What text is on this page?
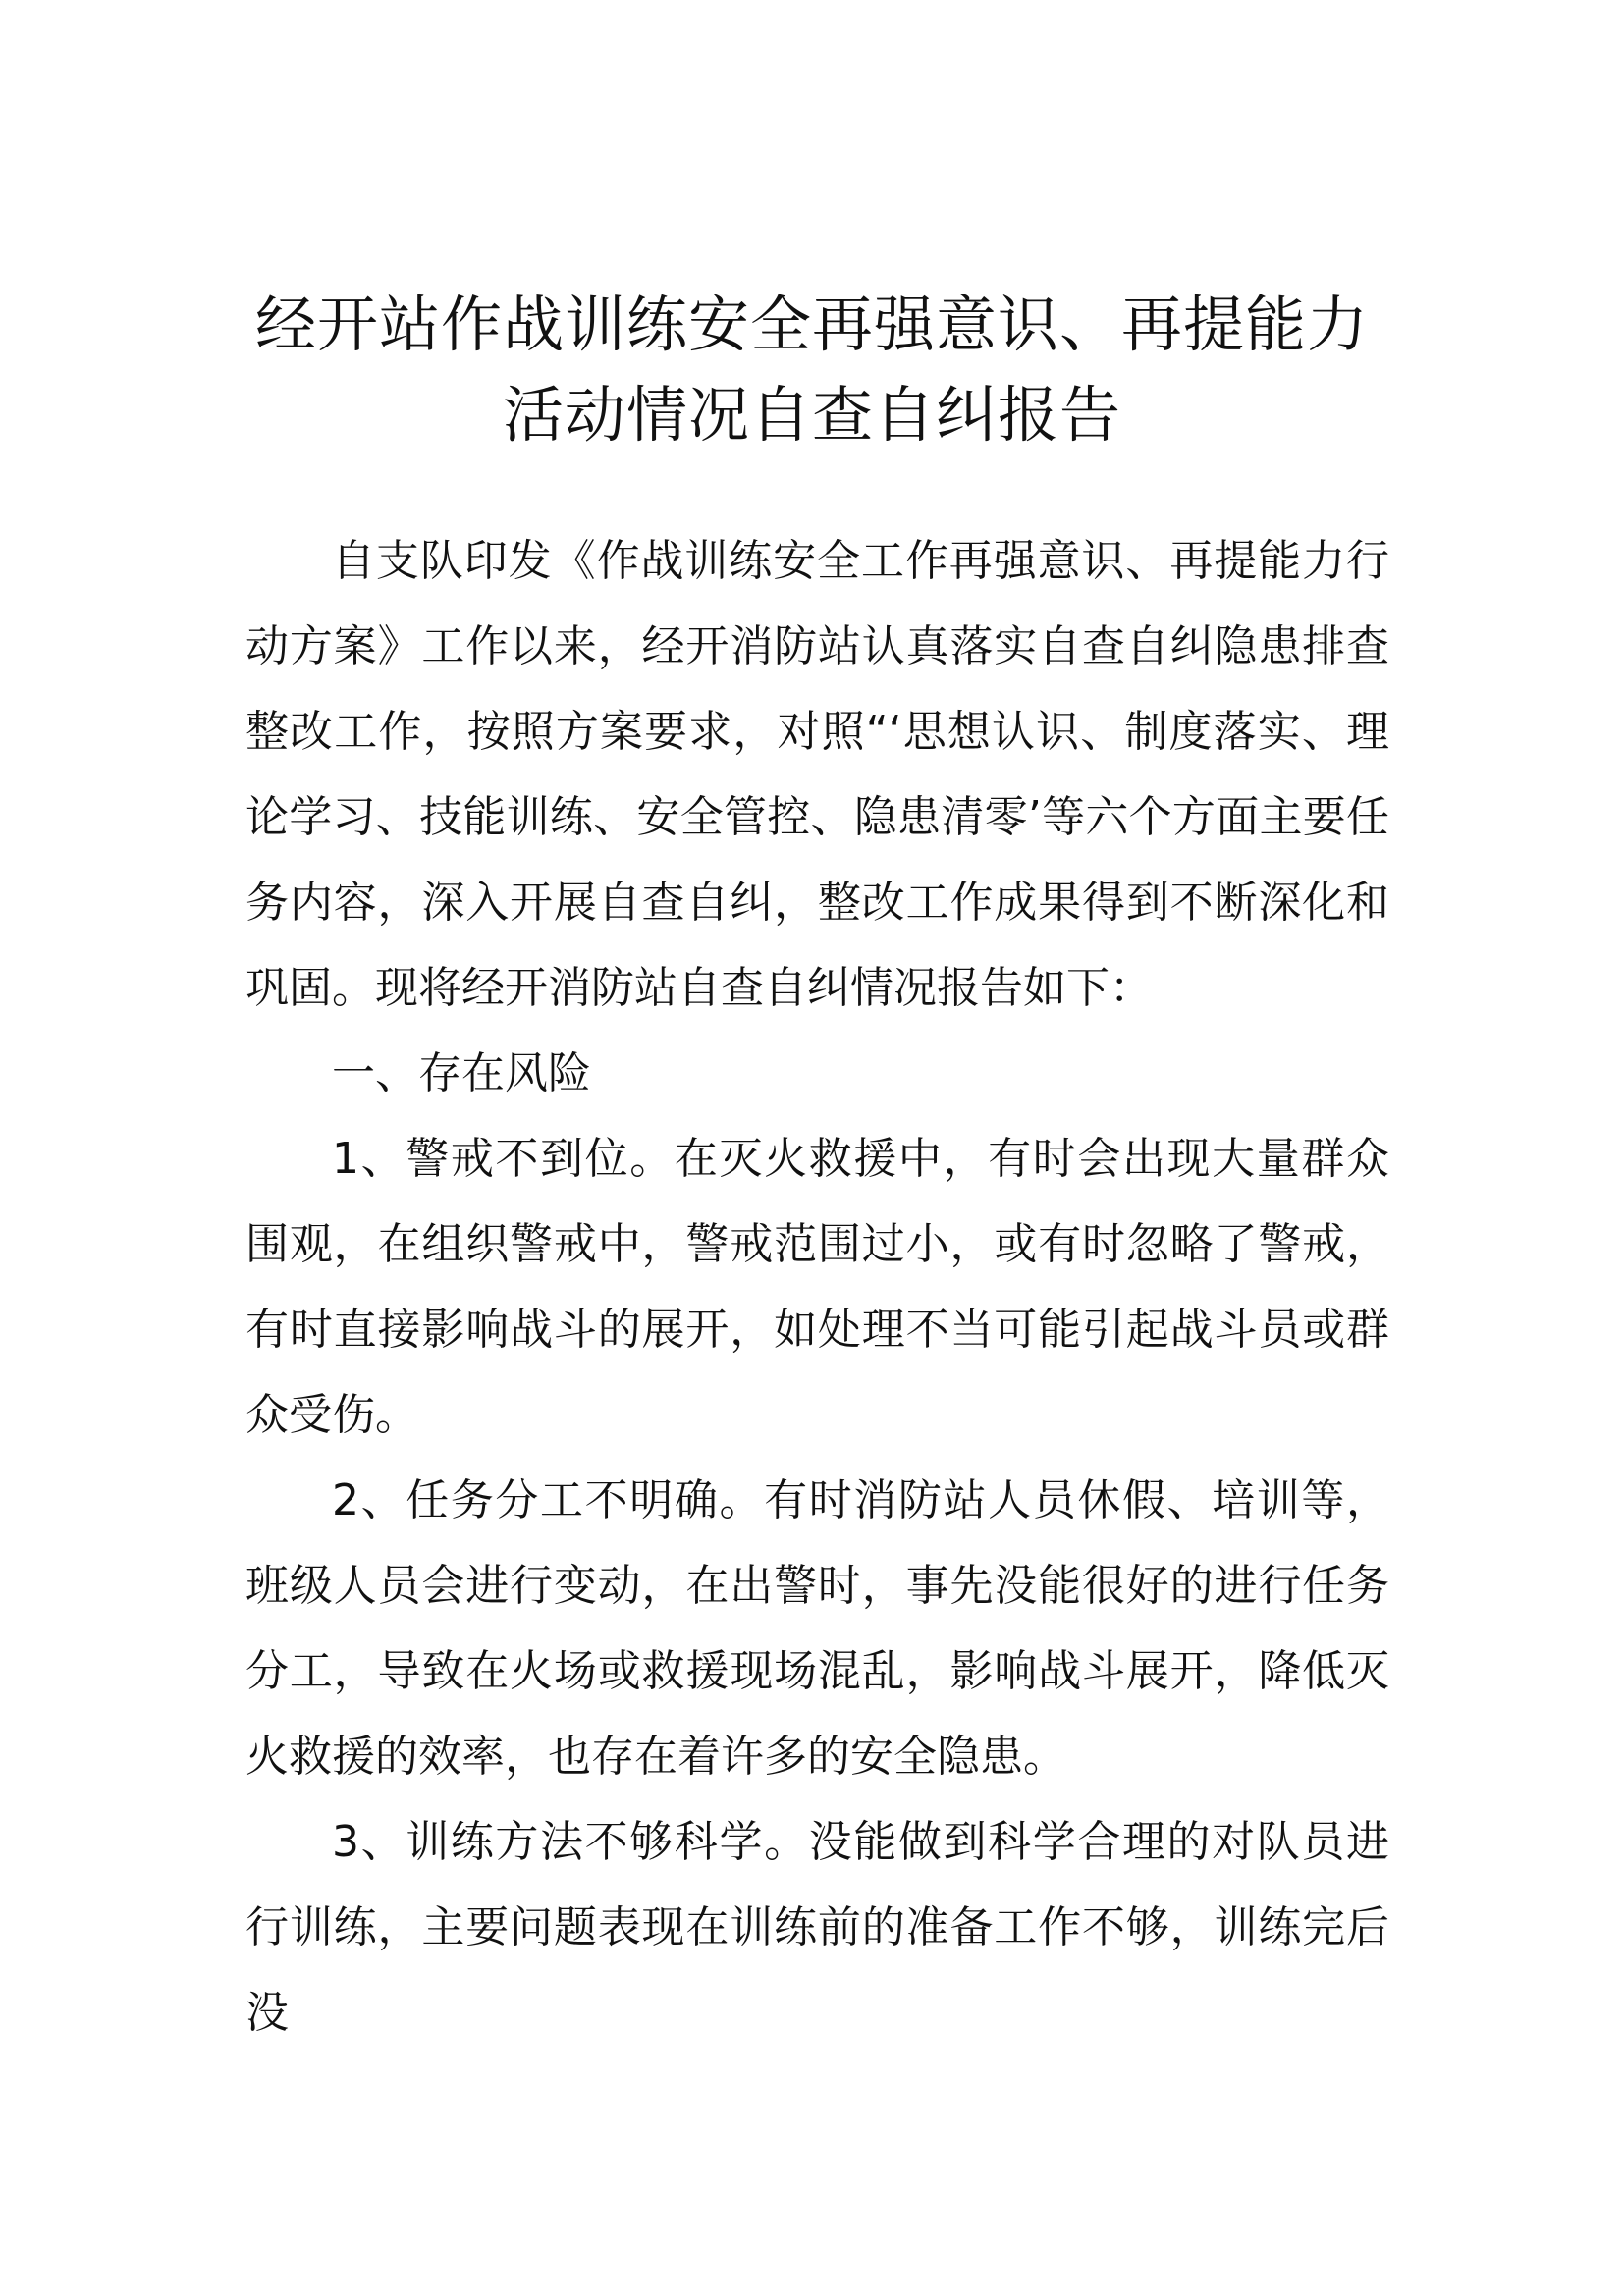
经开站作战训练安全再强意识、再提能力
活动情况自查自纠报告

自支队印发《作战训练安全工作再强意识、再提能力行动方案》工作以来，经开消防站认真落实自查自纠隐患排查整改工作，按照方案要求，对照“‘思想认识、制度落实、理论学习、技能训练、安全管控、隐患清零’等六个方面主要任务内容，深入开展自查自纠，整改工作成果得到不断深化和巩固。现将经开消防站自查自纠情况报告如下：

一、存在风险

1、警戒不到位。在灭火救援中，有时会出现大量群众围观，在组织警戒中，警戒范围过小，或有时忽略了警戒，有时直接影响战斗的展开，如处理不当可能引起战斗员或群众受伤。

2、任务分工不明确。有时消防站人员休假、培训等，班级人员会进行变动，在出警时，事先没能很好的进行任务分工，导致在火场或救援现场混乱，影响战斗展开，降低灭火救援的效率，也存在着许多的安全隐患。

3、训练方法不够科学。没能做到科学合理的对队员进行训练，主要问题表现在训练前的准备工作不够，训练完后没
